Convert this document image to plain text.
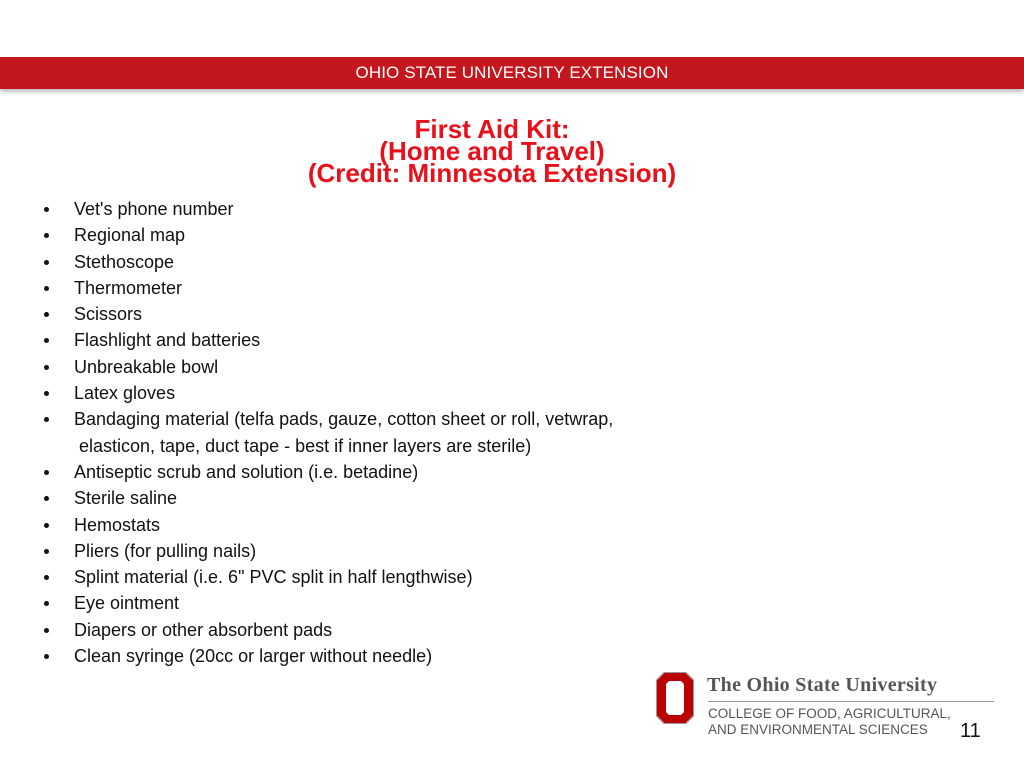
OHIO STATE UNIVERSITY EXTENSION
First Aid Kit:
(Home and Travel)
(Credit: Minnesota Extension)
Vet's phone number
Regional map
Stethoscope
Thermometer
Scissors
Flashlight and batteries
Unbreakable bowl
Latex gloves
Bandaging material (telfa pads, gauze, cotton sheet or roll, vetwrap,
elasticon, tape, duct tape - best if inner layers are sterile)
Antiseptic scrub and solution (i.e. betadine)
Sterile saline
Hemostats
Pliers (for pulling nails)
Splint material (i.e. 6" PVC split in half lengthwise)
Eye ointment
Diapers or other absorbent pads
Clean syringe (20cc or larger without needle)
The Ohio State University
COLLEGE OF FOOD, AGRICULTURAL,
AND ENVIRONMENTAL SCIENCES	11
